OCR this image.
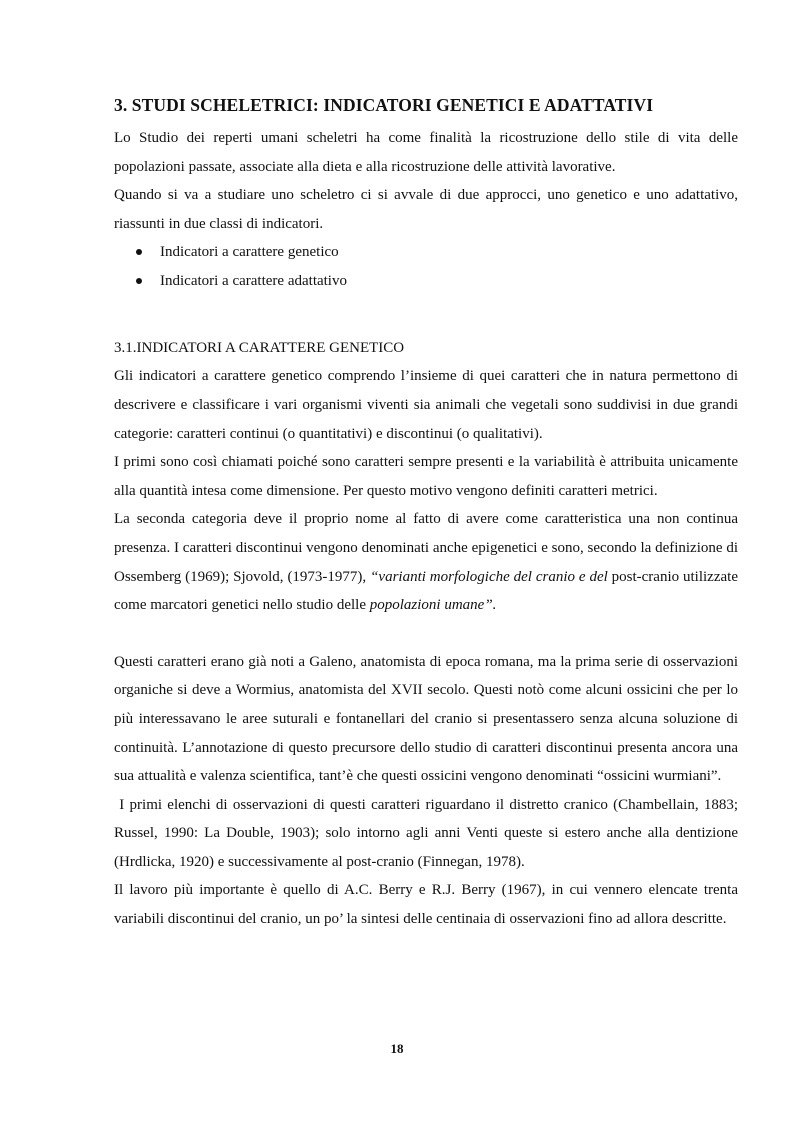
3. STUDI SCHELETRICI: INDICATORI GENETICI E ADATTATIVI

Lo Studio dei reperti umani scheletri ha come finalità la ricostruzione dello stile di vita delle popolazioni passate, associate alla dieta e alla ricostruzione delle attività lavorative.

Quando si va a studiare uno scheletro ci si avvale di due approcci, uno genetico e uno adattativo, riassunti in due classi di indicatori.

Indicatori a carattere genetico
Indicatori a carattere adattativo
3.1.INDICATORI A CARATTERE GENETICO

Gli indicatori a carattere genetico comprendo l’insieme di quei caratteri che in natura permettono di descrivere e classificare i vari organismi viventi sia animali che vegetali sono suddivisi in due grandi categorie: caratteri continui (o quantitativi) e discontinui (o qualitativi).

I primi sono così chiamati poiché sono caratteri sempre presenti e la variabilità è attribuita unicamente alla quantità intesa come dimensione. Per questo motivo vengono definiti caratteri metrici.

La seconda categoria deve il proprio nome al fatto di avere come caratteristica una non continua presenza. I caratteri discontinui vengono denominati anche epigenetici e sono, secondo la definizione di Ossemberg (1969); Sjovold, (1973-1977), “varianti morfologiche del cranio e del post-cranio utilizzate come marcatori genetici nello studio delle popolazioni umane”.

Questi caratteri erano già noti a Galeno, anatomista di epoca romana, ma la prima serie di osservazioni organiche si deve a Wormius, anatomista del XVII secolo. Questi notò come alcuni ossicini che per lo più interessavano le aree suturali e fontanellari del cranio si presentassero senza alcuna soluzione di continuità. L’annotazione di questo precursore dello studio di caratteri discontinui presenta ancora una sua attualità e valenza scientifica, tant’è che questi ossicini vengono denominati “ossicini wurmiani”.

I primi elenchi di osservazioni di questi caratteri riguardano il distretto cranico (Chambellain, 1883; Russel, 1990: La Double, 1903); solo intorno agli anni Venti queste si estero anche alla dentizione (Hrdlicka, 1920) e successivamente al post-cranio (Finnegan, 1978).

Il lavoro più importante è quello di A.C. Berry e R.J. Berry (1967), in cui vennero elencate trenta variabili discontinui del cranio, un po’ la sintesi delle centinaia di osservazioni fino ad allora descritte.

18
